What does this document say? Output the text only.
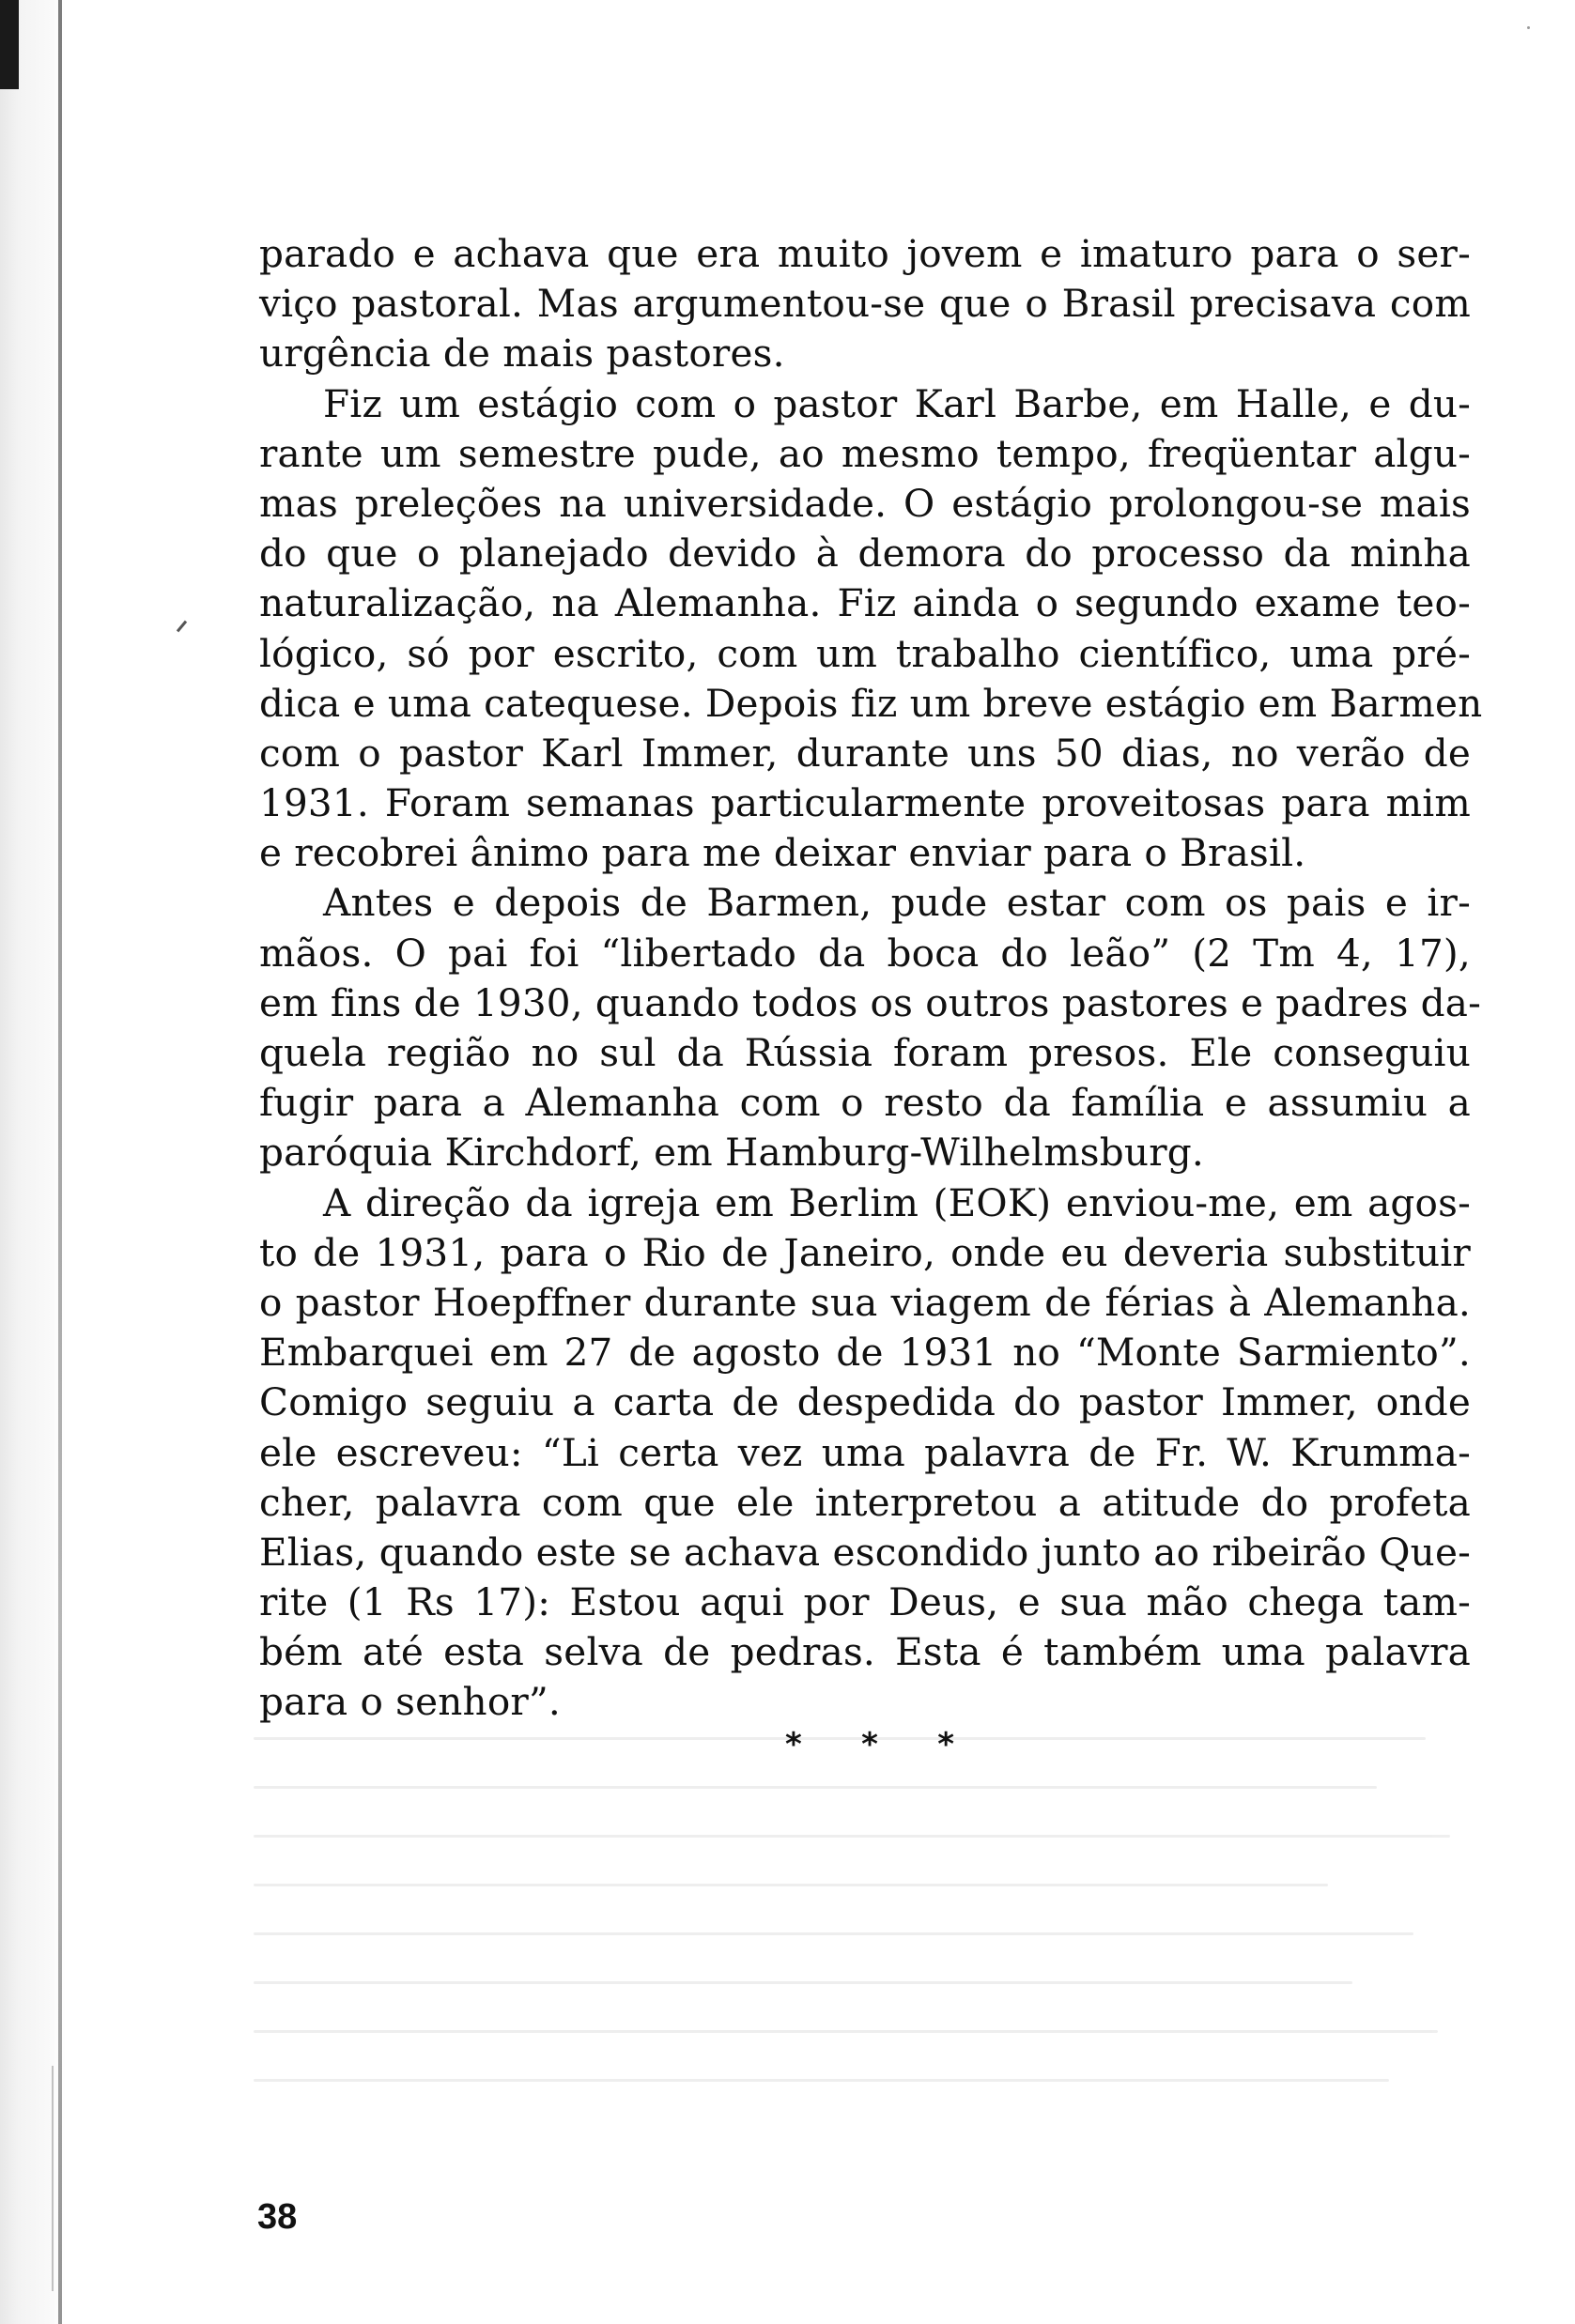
parado e achava que era muito jovem e imaturo para o ser-
viço pastoral. Mas argumentou-se que o Brasil precisava com
urgência de mais pastores.
Fiz um estágio com o pastor Karl Barbe, em Halle, e du-
rante um semestre pude, ao mesmo tempo, freqüentar algu-
mas preleções na universidade. O estágio prolongou-se mais
do que o planejado devido à demora do processo da minha
naturalização, na Alemanha. Fiz ainda o segundo exame teo-
lógico, só por escrito, com um trabalho científico, uma pré-
dica e uma catequese. Depois fiz um breve estágio em Barmen
com o pastor Karl Immer, durante uns 50 dias, no verão de
1931. Foram semanas particularmente proveitosas para mim
e recobrei ânimo para me deixar enviar para o Brasil.
Antes e depois de Barmen, pude estar com os pais e ir-
mãos. O pai foi “libertado da boca do leão” (2 Tm 4, 17),
em fins de 1930, quando todos os outros pastores e padres da-
quela região no sul da Rússia foram presos. Ele conseguiu
fugir para a Alemanha com o resto da família e assumiu a
paróquia Kirchdorf, em Hamburg-Wilhelmsburg.
A direção da igreja em Berlim (EOK) enviou-me, em agos-
to de 1931, para o Rio de Janeiro, onde eu deveria substituir
o pastor Hoepffner durante sua viagem de férias à Alemanha.
Embarquei em 27 de agosto de 1931 no “Monte Sarmiento”.
Comigo seguiu a carta de despedida do pastor Immer, onde
ele escreveu: “Li certa vez uma palavra de Fr. W. Krumma-
cher, palavra com que ele interpretou a atitude do profeta
Elias, quando este se achava escondido junto ao ribeirão Que-
rite (1 Rs 17): Estou aqui por Deus, e sua mão chega tam-
bém até esta selva de pedras. Esta é também uma palavra
para o senhor”.
* * *
38
